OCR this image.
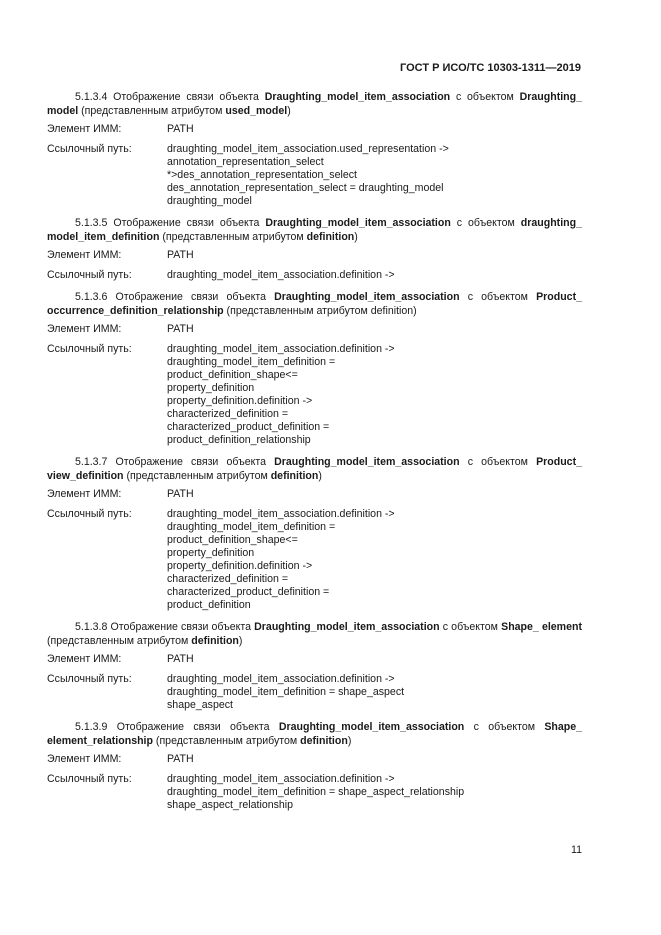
ГОСТ Р ИСО/ТС 10303-1311—2019
5.1.3.4 Отображение связи объекта Draughting_model_item_association с объектом Draughting_ model (представленным атрибутом used_model)
Элемент ИММ:	PATH
Ссылочный путь:	draughting_model_item_association.used_representation ->
annotation_representation_select
*>des_annotation_representation_select
des_annotation_representation_select = draughting_model
draughting_model
5.1.3.5 Отображение связи объекта Draughting_model_item_association с объектом draughting_ model_item_definition (представленным атрибутом definition)
Элемент ИММ:	PATH
Ссылочный путь:	draughting_model_item_association.definition ->
5.1.3.6 Отображение связи объекта Draughting_model_item_association с объектом Product_ occurrence_definition_relationship (представленным атрибутом definition)
Элемент ИММ:	PATH
Ссылочный путь:	draughting_model_item_association.definition ->
draughting_model_item_definition =
product_definition_shape<=
property_definition
property_definition.definition ->
characterized_definition =
characterized_product_definition =
product_definition_relationship
5.1.3.7 Отображение связи объекта Draughting_model_item_association с объектом Product_ view_definition (представленным атрибутом definition)
Элемент ИММ:	PATH
Ссылочный путь:	draughting_model_item_association.definition ->
draughting_model_item_definition =
product_definition_shape<=
property_definition
property_definition.definition ->
characterized_definition =
characterized_product_definition =
product_definition
5.1.3.8 Отображение связи объекта Draughting_model_item_association с объектом Shape_ element (представленным атрибутом definition)
Элемент ИММ:	PATH
Ссылочный путь:	draughting_model_item_association.definition ->
draughting_model_item_definition = shape_aspect
shape_aspect
5.1.3.9 Отображение связи объекта Draughting_model_item_association с объектом Shape_ element_relationship (представленным атрибутом definition)
Элемент ИММ:	PATH
Ссылочный путь:	draughting_model_item_association.definition ->
draughting_model_item_definition = shape_aspect_relationship
shape_aspect_relationship
11
